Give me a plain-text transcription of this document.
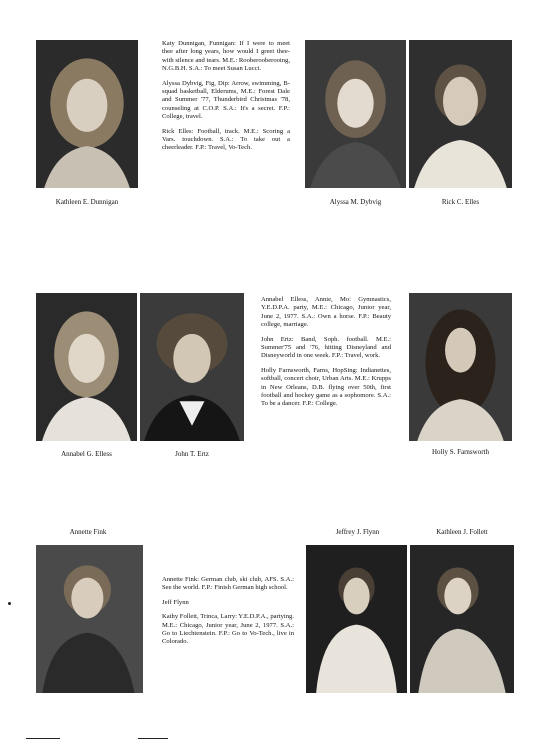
Kathleen E. Dunnigan

Katy Dunnigan, Funnigan: If I were to meet thee after long years, how would I greet thee- with silence and tears. M.E.: Rooberooberooing, N.G.B.H. S.A.: To meet Susan Lucci.

Alyssa Dybvig, Fig, Dip: Arrow, swimming, B-squad basketball, Elderums, M.E.: Forest Dale and Summer '77, Thunderbird Christmas '78, counseling at C.O.P. S.A.: It's a secret. F.P.: College, travel.

Rick Elles: Football, track. M.E.: Scoring a Vars. touchdown. S.A.: To take out a cheerleader. F.P.: Travel, Vo-Tech.

Alyssa M. Dybvig	Rick C. Elles
Annabel G. Elless	John T. Ertz

Annabel Elless, Annie, Mo: Gymnastics, Y.E.D.P.A. party, M.E.: Chicago, Junior year, June 2, 1977. S.A.: Own a horse. F.P.: Beauty college, marriage.

John Ertz: Band, Soph. football. M.E.: Summer'75 and '76, hitting Disneyland and Disneyworld in one week. F.P.: Travel, work.

Holly Farnsworth, Farns, HopSing: Indianettes, softball, concert choir, Urban Arts. M.E.: Krupps in New Orleans, D.B. flying over 50th, first football and hockey game as a sophomore. S.A.: To be a dancer. F.P.: College.

Holly S. Farnsworth
Annette Fink	Jeffrey J. Flynn	Kathleen J. Follett

Annette Fink: German club, ski club, AFS. S.A.: See the world. F.P.: Finish German high school.

Jeff Flynn

Kathy Follett, Trinca, Larry: Y.E.D.P.A., partying. M.E.: Chicago, Junior year, June 2, 1977. S.A.: Go to Liechtenstein. F.P.: Go to Vo-Tech., live in Colorado.
